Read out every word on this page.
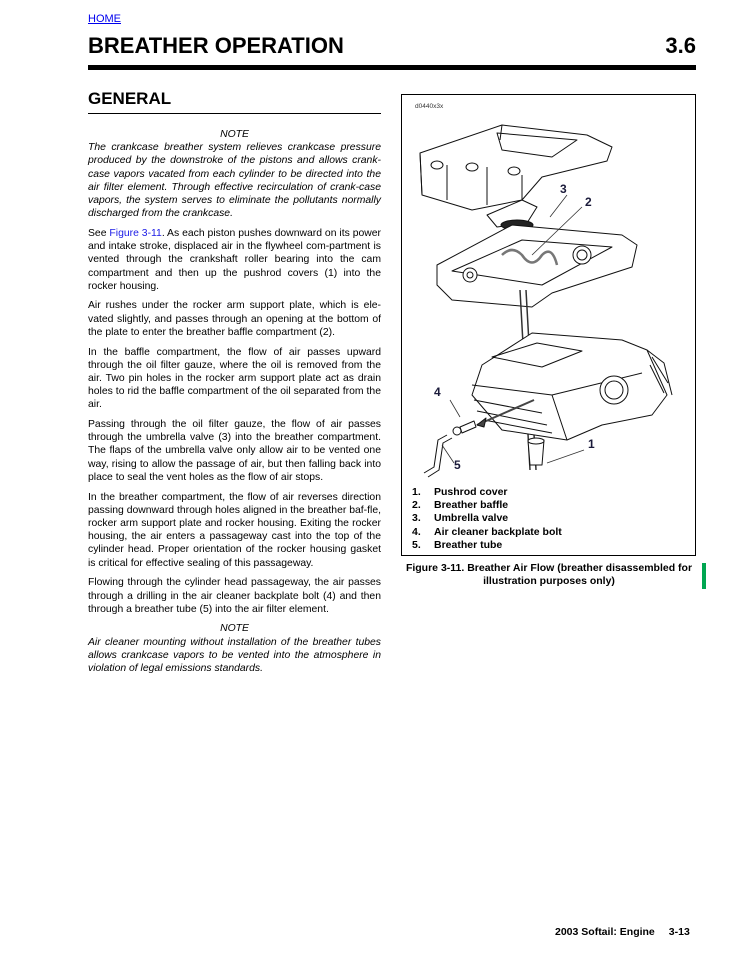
HOME
BREATHER OPERATION	3.6
GENERAL

NOTE

The crankcase breather system relieves crankcase pressure produced by the downstroke of the pistons and allows crank-case vapors vacated from each cylinder to be directed into the air filter element. Through effective recirculation of crank-case vapors, the system serves to eliminate the pollutants normally discharged from the crankcase.

See Figure 3-11. As each piston pushes downward on its power and intake stroke, displaced air in the flywheel com-partment is vented through the crankshaft roller bearing into the cam compartment and then up the pushrod covers (1) into the rocker housing.

Air rushes under the rocker arm support plate, which is ele-vated slightly, and passes through an opening at the bottom of the plate to enter the breather baffle compartment (2).

In the baffle compartment, the flow of air passes upward through the oil filter gauze, where the oil is removed from the air. Two pin holes in the rocker arm support plate act as drain holes to rid the baffle compartment of the oil separated from the air.

Passing through the oil filter gauze, the flow of air passes through the umbrella valve (3) into the breather compartment. The flaps of the umbrella valve only allow air to be vented one way, rising to allow the passage of air, but then falling back into place to seal the vent holes as the flow of air stops.

In the breather compartment, the flow of air reverses direction passing downward through holes aligned in the breather baf-fle, rocker arm support plate and rocker housing. Exiting the rocker housing, the air enters a passageway cast into the top of the cylinder head. Proper orientation of the rocker housing gasket is critical for effective sealing of this passageway.

Flowing through the cylinder head passageway, the air passes through a drilling in the air cleaner backplate bolt (4) and then through a breather tube (5) into the air filter element.

NOTE

Air cleaner mounting without installation of the breather tubes allows crankcase vapors to be vented into the atmosphere in violation of legal emissions standards.

d0440x3x
1
2
3
4
5
1.	Pushrod cover
2.	Breather baffle
3.	Umbrella valve
4.	Air cleaner backplate bolt
5.	Breather tube
Figure 3-11. Breather Air Flow (breather disassembled for illustration purposes only)
2003 Softail: Engine 3-13
